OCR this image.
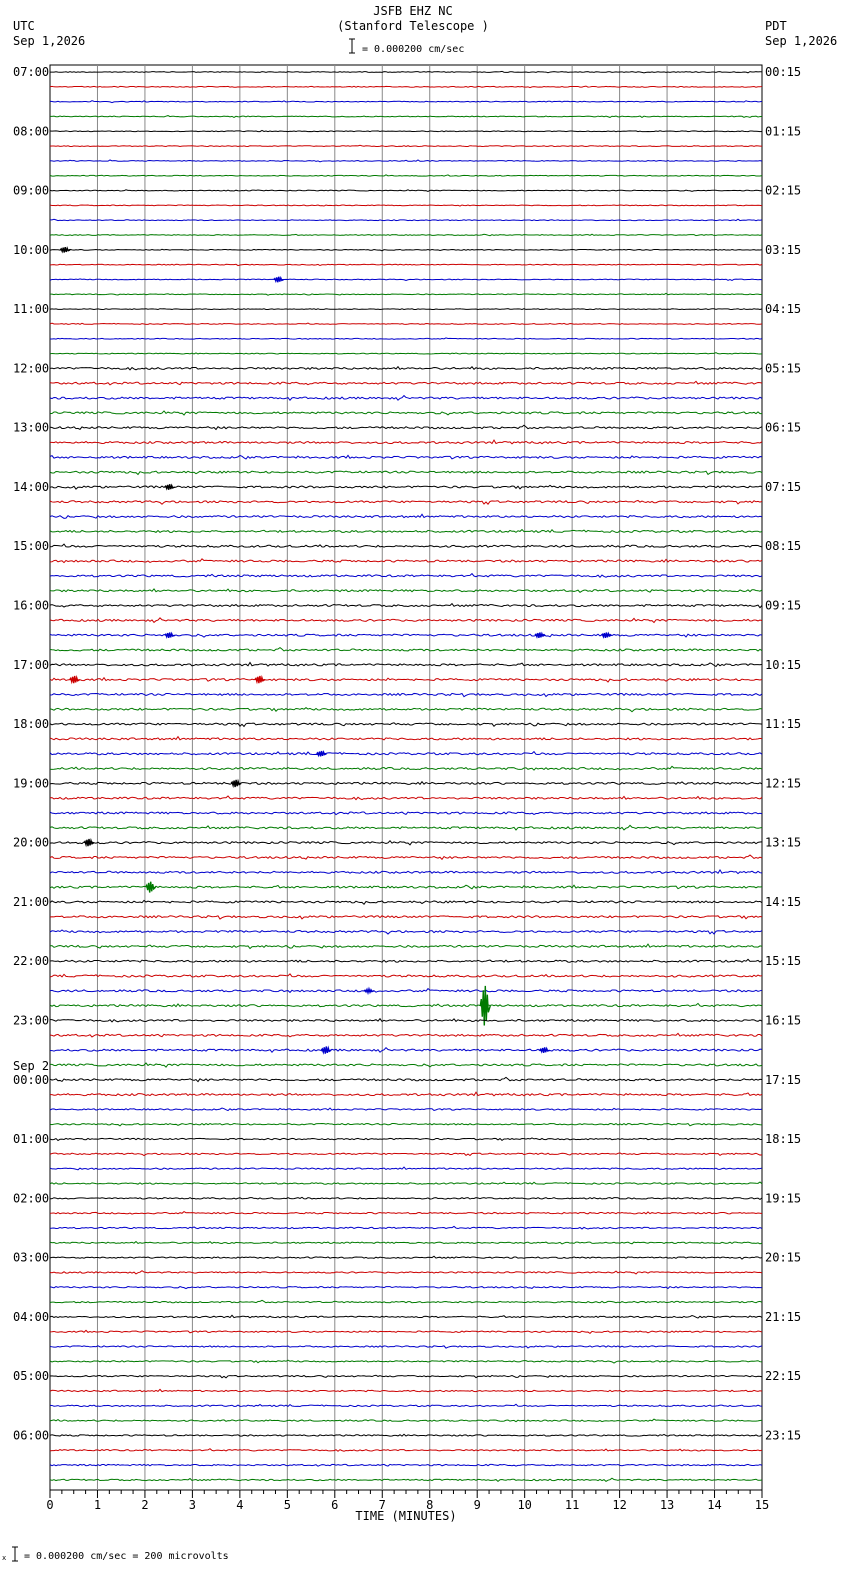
JSFB EHZ NC
(Stanford Telescope )
UTC
Sep 1,2026
PDT
Sep 1,2026
= 0.000200 cm/sec
07:00
08:00
09:00
10:00
11:00
12:00
13:00
14:00
15:00
16:00
17:00
18:00
19:00
20:00
21:00
22:00
23:00
00:00
01:00
02:00
03:00
04:00
05:00
06:00
00:15
01:15
02:15
03:15
04:15
05:15
06:15
07:15
08:15
09:15
10:15
11:15
12:15
13:15
14:15
15:15
16:15
17:15
18:15
19:15
20:15
21:15
22:15
23:15
Sep 2
0	1	2	3	4	5	6	7	8	9	10	11	12	13	14	15
TIME (MINUTES)
x = 0.000200 cm/sec = 200 microvolts
